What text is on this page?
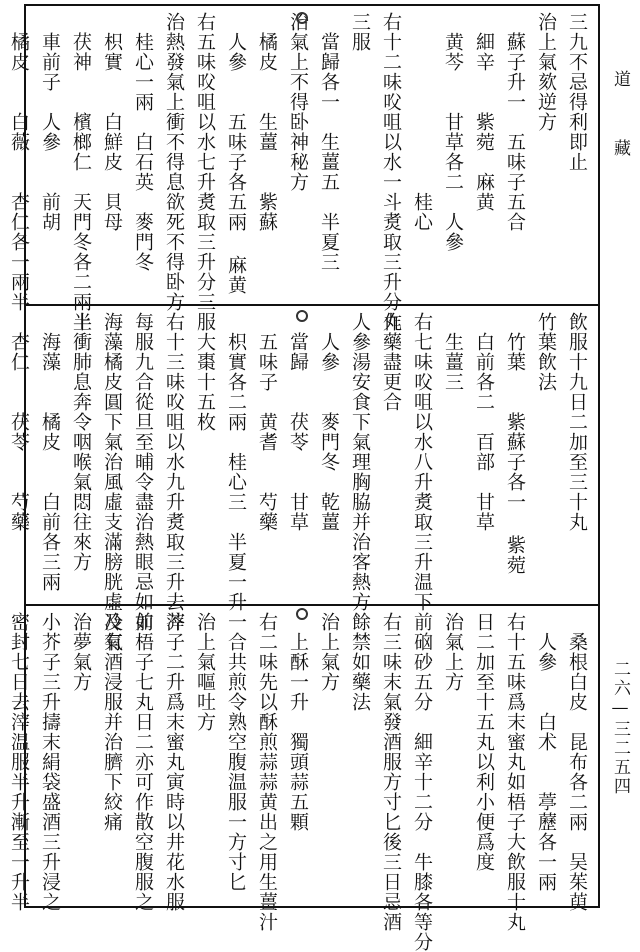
三九不忌得利即止
治上氣欬逆方
　蘇子升一　五味子五合
　細辛　　紫菀　麻黄
　黄芩　　甘草各二　人參
　　　　　　　　　桂心
右十二味㕮咀以水一斗煑取三升分作
三服
　當歸各一　生薑五　半夏三
治氣上不得卧神秘方
　橘皮　　生薑　　紫蘇
　人參　　五味子各五兩 麻黄
右五味㕮咀以水七升煑取三升分三服
治熱發氣上衝不得息欲死不得卧方
　桂心一兩　白石英　麥門冬
　枳實　　白鮮皮　貝母
　茯神　　檳榔仁　天門冬各二兩半
　車前子　人參　　前胡
　橘皮　　白薇　　杏仁各一兩半
飲服十九日二加至三十丸
竹葉飲法
　竹葉　　紫蘇子各一 紫菀
　白前各二　百部　甘草
　生薑三
右七味㕮咀以水八升煑取三升温下前
丸藥盡更合
人參湯安食下氣理胸脇并治客熱方
　人參　　麥門冬　乾薑
　當歸　　茯苓　　甘草
　五味子　黄耆　　芍藥
　枳實各二兩　桂心三　半夏一升
　大棗十五枚
右十三味㕮咀以水九升煑取三升去滓
每服九合從旦至晡令盡治熱眼忌如前
海藻橘皮圓下氣治風虛支滿膀胱虛冷氣
上衝肺息奔令咽喉氣悶往來方
　海藻　　橘皮　　白前各三兩
　杏仁　　茯苓　　芍藥
　桑根白皮　昆布各二兩　吴茱萸
　人參　　白术　　葶藶各一兩
右十五味爲末蜜丸如梧子大飲服十丸
日二加至十五丸以利小便爲度
治氣上方
　硇砂五分　細辛十二分　牛膝各等分
右三味末氣發酒服方寸匕後三日忌酒
餘禁如藥法
治上氣方
　上酥一升　獨頭蒜五顆
右二味先以酥煎蒜蒜黄出之用生薑汁
一合共煎令熟空腹温服一方寸匕
治上氣嘔吐方
芥子二升爲末蜜丸寅時以井花水服
如梧子七丸日二亦可作散空腹服之
及有酒浸服并治臍下絞痛
治夢氣方
小芥子三升擣末絹袋盛酒三升浸之
密封七日去滓温服半升漸至一升半
道　　藏
二六—三二五四
